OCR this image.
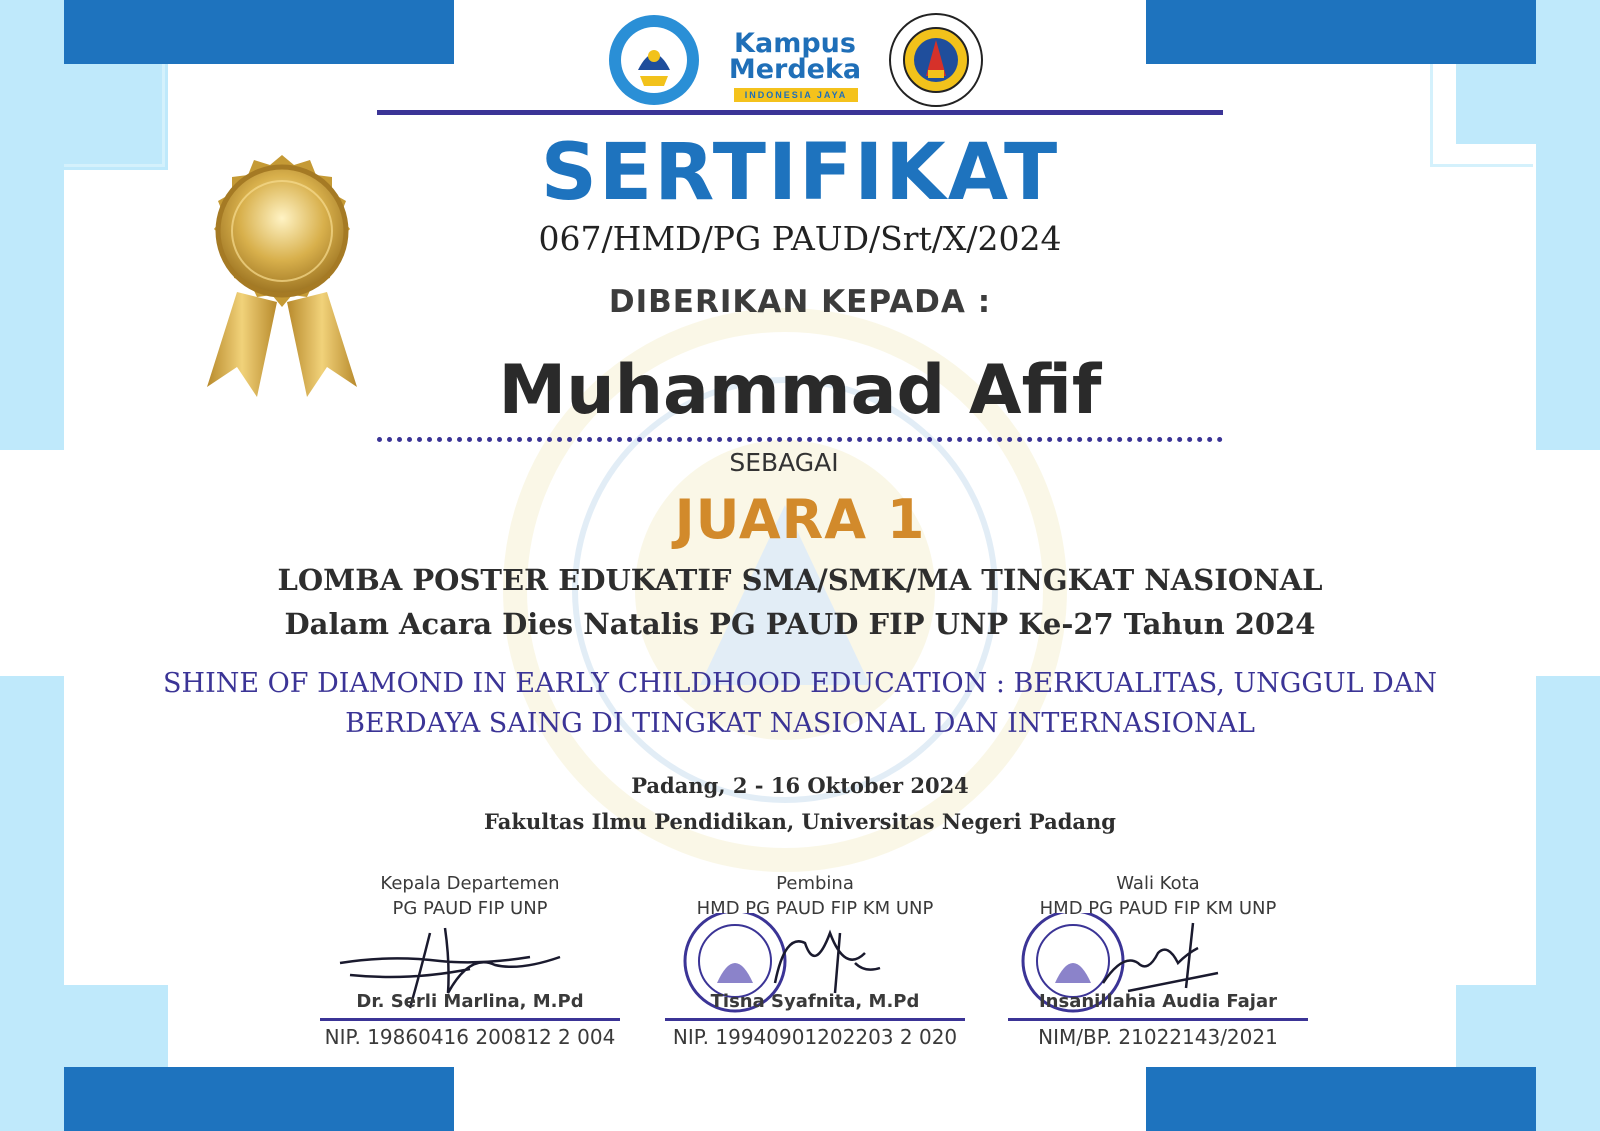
Kampus
Merdeka
INDONESIA JAYA
SERTIFIKAT
067/HMD/PG PAUD/Srt/X/2024
DIBERIKAN KEPADA :
Muhammad Afif
SEBAGAI
JUARA 1
LOMBA POSTER EDUKATIF SMA/SMK/MA TINGKAT NASIONAL
Dalam Acara Dies Natalis PG PAUD FIP UNP Ke-27 Tahun 2024
SHINE OF DIAMOND IN EARLY CHILDHOOD EDUCATION : BERKUALITAS, UNGGUL DAN
BERDAYA SAING DI TINGKAT NASIONAL DAN INTERNASIONAL
Padang, 2 - 16 Oktober 2024
Fakultas Ilmu Pendidikan, Universitas Negeri Padang
Kepala Departemen
PG PAUD FIP UNP
Dr. Serli Marlina, M.Pd
NIP. 19860416 200812 2 004
Pembina
HMD PG PAUD FIP KM UNP
Tisna Syafnita, M.Pd
NIP. 19940901202203 2 020
Wali Kota
HMD PG PAUD FIP KM UNP
Insanillahia Audia Fajar
NIM/BP. 21022143/2021
